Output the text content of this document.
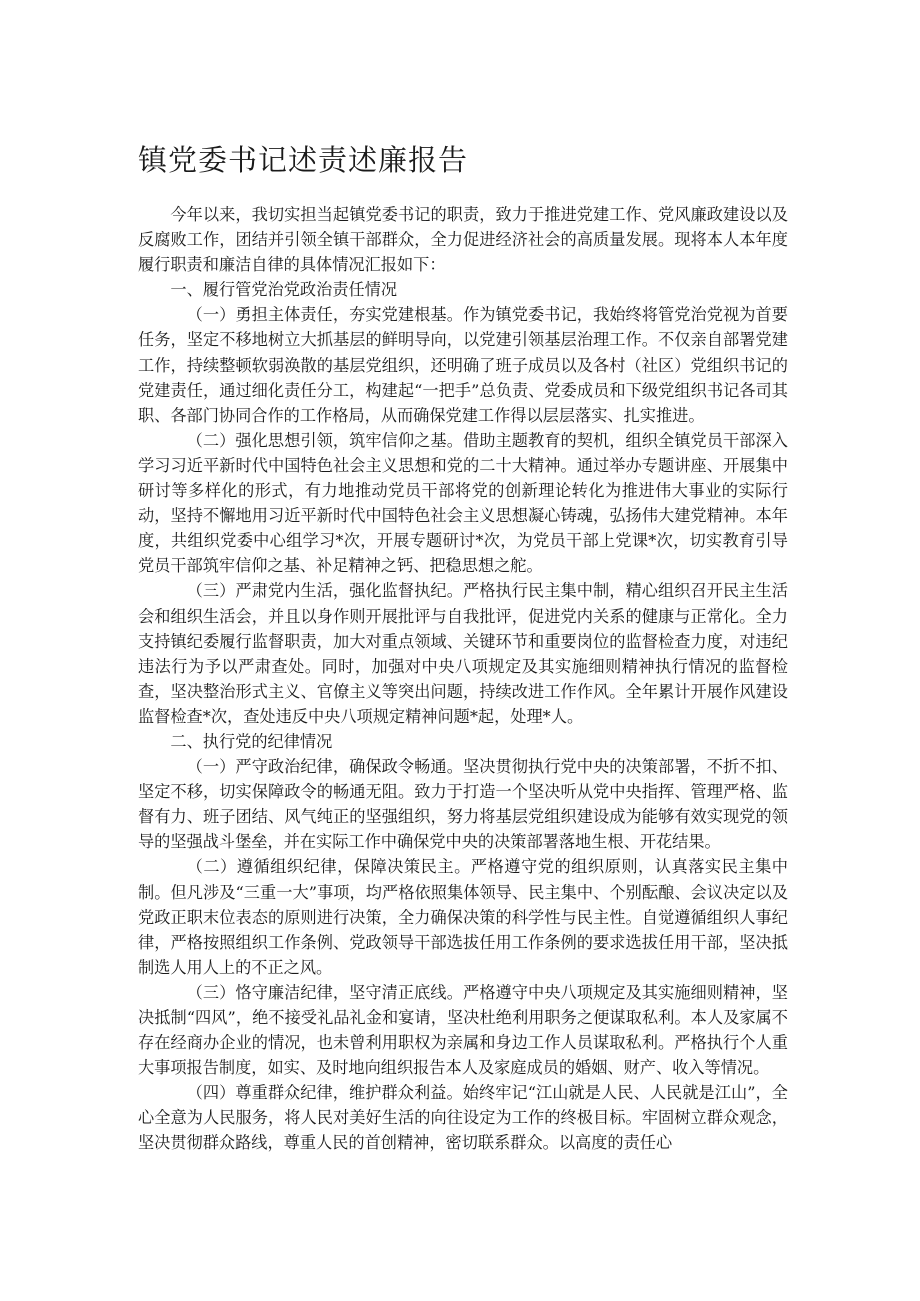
镇党委书记述责述廉报告

今年以来，我切实担当起镇党委书记的职责，致力于推进党建工作、党风廉政建设以及反腐败工作，团结并引领全镇干部群众，全力促进经济社会的高质量发展。现将本人本年度履行职责和廉洁自律的具体情况汇报如下：

一、履行管党治党政治责任情况

（一）勇担主体责任，夯实党建根基。作为镇党委书记，我始终将管党治党视为首要任务，坚定不移地树立大抓基层的鲜明导向，以党建引领基层治理工作。不仅亲自部署党建工作，持续整顿软弱涣散的基层党组织，还明确了班子成员以及各村（社区）党组织书记的党建责任，通过细化责任分工，构建起“一把手”总负责、党委成员和下级党组织书记各司其职、各部门协同合作的工作格局，从而确保党建工作得以层层落实、扎实推进。

（二）强化思想引领，筑牢信仰之基。借助主题教育的契机，组织全镇党员干部深入学习习近平新时代中国特色社会主义思想和党的二十大精神。通过举办专题讲座、开展集中研讨等多样化的形式，有力地推动党员干部将党的创新理论转化为推进伟大事业的实际行动，坚持不懈地用习近平新时代中国特色社会主义思想凝心铸魂，弘扬伟大建党精神。本年度，共组织党委中心组学习*次，开展专题研讨*次，为党员干部上党课*次，切实教育引导党员干部筑牢信仰之基、补足精神之钙、把稳思想之舵。

（三）严肃党内生活，强化监督执纪。严格执行民主集中制，精心组织召开民主生活会和组织生活会，并且以身作则开展批评与自我批评，促进党内关系的健康与正常化。全力支持镇纪委履行监督职责，加大对重点领域、关键环节和重要岗位的监督检查力度，对违纪违法行为予以严肃查处。同时，加强对中央八项规定及其实施细则精神执行情况的监督检查，坚决整治形式主义、官僚主义等突出问题，持续改进工作作风。全年累计开展作风建设监督检查*次，查处违反中央八项规定精神问题*起，处理*人。

二、执行党的纪律情况

（一）严守政治纪律，确保政令畅通。坚决贯彻执行党中央的决策部署，不折不扣、坚定不移，切实保障政令的畅通无阻。致力于打造一个坚决听从党中央指挥、管理严格、监督有力、班子团结、风气纯正的坚强组织，努力将基层党组织建设成为能够有效实现党的领导的坚强战斗堡垒，并在实际工作中确保党中央的决策部署落地生根、开花结果。

（二）遵循组织纪律，保障决策民主。严格遵守党的组织原则，认真落实民主集中制。但凡涉及“三重一大”事项，均严格依照集体领导、民主集中、个别酝酿、会议决定以及党政正职末位表态的原则进行决策，全力确保决策的科学性与民主性。自觉遵循组织人事纪律，严格按照组织工作条例、党政领导干部选拔任用工作条例的要求选拔任用干部，坚决抵制选人用人上的不正之风。

（三）恪守廉洁纪律，坚守清正底线。严格遵守中央八项规定及其实施细则精神，坚决抵制“四风”，绝不接受礼品礼金和宴请，坚决杜绝利用职务之便谋取私利。本人及家属不存在经商办企业的情况，也未曾利用职权为亲属和身边工作人员谋取私利。严格执行个人重大事项报告制度，如实、及时地向组织报告本人及家庭成员的婚姻、财产、收入等情况。

（四）尊重群众纪律，维护群众利益。始终牢记“江山就是人民、人民就是江山”，全心全意为人民服务，将人民对美好生活的向往设定为工作的终极目标。牢固树立群众观念，坚决贯彻群众路线，尊重人民的首创精神，密切联系群众。以高度的责任心
